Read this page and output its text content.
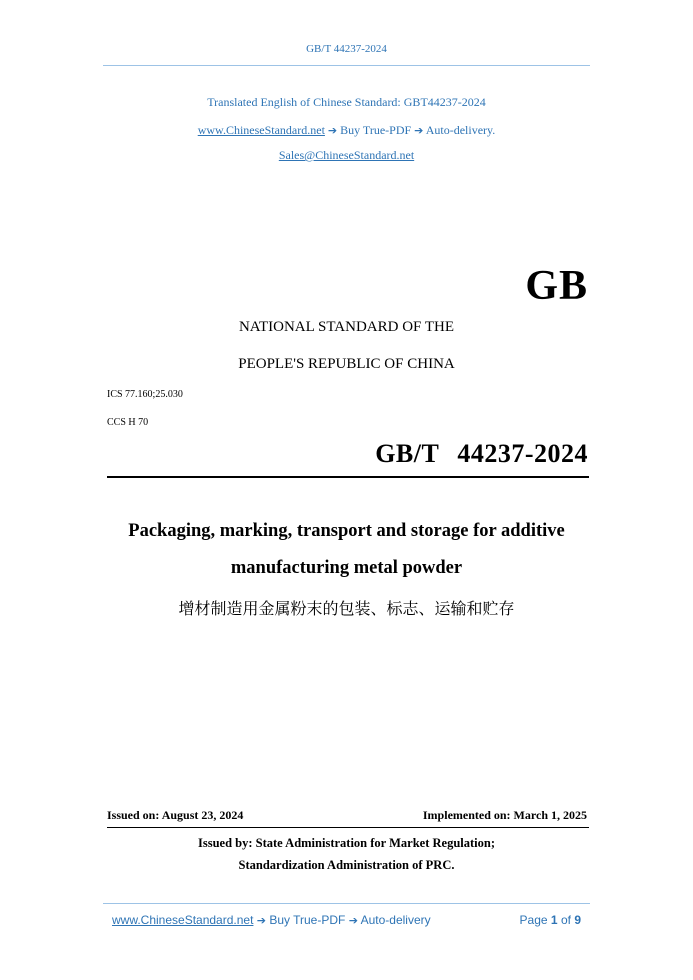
GB/T 44237-2024
Translated English of Chinese Standard: GBT44237-2024
www.ChineseStandard.net ➔ Buy True-PDF ➔ Auto-delivery.
Sales@ChineseStandard.net
GB
NATIONAL STANDARD OF THE
PEOPLE'S REPUBLIC OF CHINA
ICS 77.160;25.030
CCS H 70
GB/T 44237-2024
Packaging, marking, transport and storage for additive
manufacturing metal powder
增材制造用金属粉末的包装、标志、运输和贮存
Issued on: August 23, 2024	Implemented on: March 1, 2025
Issued by: State Administration for Market Regulation;
Standardization Administration of PRC.
www.ChineseStandard.net ➔ Buy True-PDF ➔ Auto-delivery	Page 1 of 9
